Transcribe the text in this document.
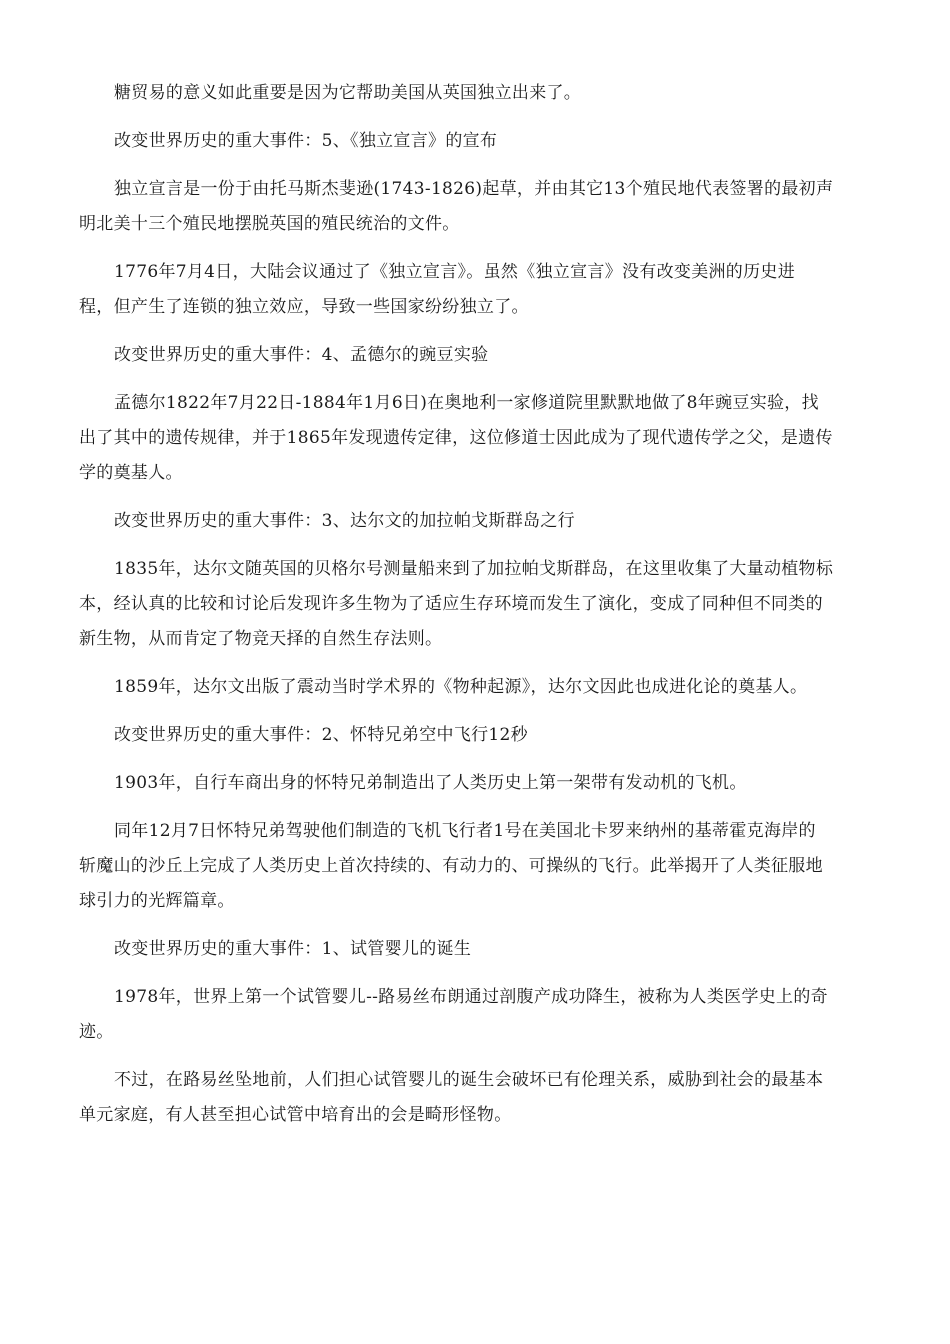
糖贸易的意义如此重要是因为它帮助美国从英国独立出来了。

改变世界历史的重大事件：5、《独立宣言》的宣布

独立宣言是一份于由托马斯杰斐逊(1743-1826)起草，并由其它13个殖民地代表签署的最初声

明北美十三个殖民地摆脱英国的殖民统治的文件。

1776年7月4日，大陆会议通过了《独立宣言》。虽然《独立宣言》没有改变美洲的历史进

程，但产生了连锁的独立效应，导致一些国家纷纷独立了。

改变世界历史的重大事件：4、孟德尔的豌豆实验

孟德尔1822年7月22日-1884年1月6日)在奥地利一家修道院里默默地做了8年豌豆实验，找

出了其中的遗传规律，并于1865年发现遗传定律，这位修道士因此成为了现代遗传学之父，是遗传

学的奠基人。

改变世界历史的重大事件：3、达尔文的加拉帕戈斯群岛之行

1835年，达尔文随英国的贝格尔号测量船来到了加拉帕戈斯群岛，在这里收集了大量动植物标

本，经认真的比较和讨论后发现许多生物为了适应生存环境而发生了演化，变成了同种但不同类的

新生物，从而肯定了物竞天择的自然生存法则。

1859年，达尔文出版了震动当时学术界的《物种起源》，达尔文因此也成进化论的奠基人。

改变世界历史的重大事件：2、怀特兄弟空中飞行12秒

1903年，自行车商出身的怀特兄弟制造出了人类历史上第一架带有发动机的飞机。

同年12月7日怀特兄弟驾驶他们制造的飞机飞行者1号在美国北卡罗来纳州的基蒂霍克海岸的

斩魔山的沙丘上完成了人类历史上首次持续的、有动力的、可操纵的飞行。此举揭开了人类征服地

球引力的光辉篇章。

改变世界历史的重大事件：1、试管婴儿的诞生

1978年，世界上第一个试管婴儿--路易丝布朗通过剖腹产成功降生，被称为人类医学史上的奇

迹。

不过，在路易丝坠地前，人们担心试管婴儿的诞生会破坏已有伦理关系，威胁到社会的最基本

单元家庭，有人甚至担心试管中培育出的会是畸形怪物。
